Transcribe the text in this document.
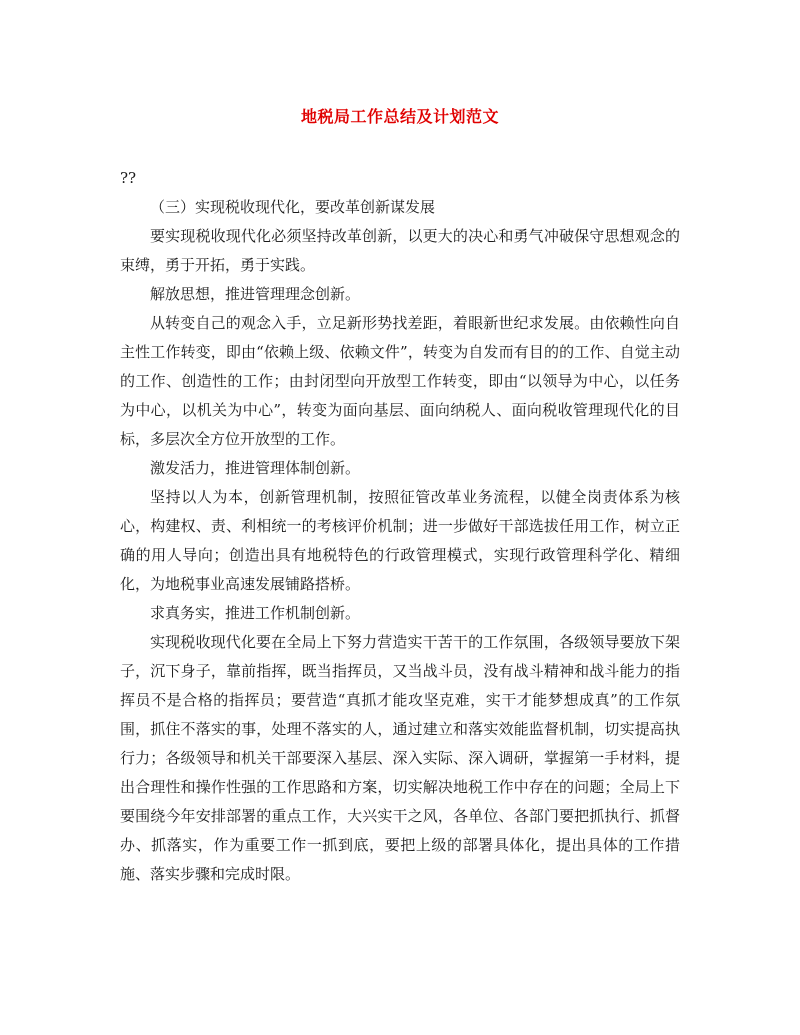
地税局工作总结及计划范文

??

（三）实现税收现代化，要改革创新谋发展

要实现税收现代化必须坚持改革创新，以更大的决心和勇气冲破保守思想观念的束缚，勇于开拓，勇于实践。

解放思想，推进管理理念创新。

从转变自己的观念入手，立足新形势找差距，着眼新世纪求发展。由依赖性向自主性工作转变，即由“依赖上级、依赖文件”，转变为自发而有目的的工作、自觉主动的工作、创造性的工作；由封闭型向开放型工作转变，即由“以领导为中心，以任务为中心，以机关为中心”，转变为面向基层、面向纳税人、面向税收管理现代化的目标，多层次全方位开放型的工作。

激发活力，推进管理体制创新。

坚持以人为本，创新管理机制，按照征管改革业务流程，以健全岗责体系为核心，构建权、责、利相统一的考核评价机制；进一步做好干部选拔任用工作，树立正确的用人导向；创造出具有地税特色的行政管理模式，实现行政管理科学化、精细化，为地税事业高速发展铺路搭桥。

求真务实，推进工作机制创新。

实现税收现代化要在全局上下努力营造实干苦干的工作氛围，各级领导要放下架子，沉下身子，靠前指挥，既当指挥员，又当战斗员，没有战斗精神和战斗能力的指挥员不是合格的指挥员；要营造“真抓才能攻坚克难，实干才能梦想成真”的工作氛围，抓住不落实的事，处理不落实的人，通过建立和落实效能监督机制，切实提高执行力；各级领导和机关干部要深入基层、深入实际、深入调研，掌握第一手材料，提出合理性和操作性强的工作思路和方案，切实解决地税工作中存在的问题；全局上下要围绕今年安排部署的重点工作，大兴实干之风，各单位、各部门要把抓执行、抓督办、抓落实，作为重要工作一抓到底，要把上级的部署具体化，提出具体的工作措施、落实步骤和完成时限。
